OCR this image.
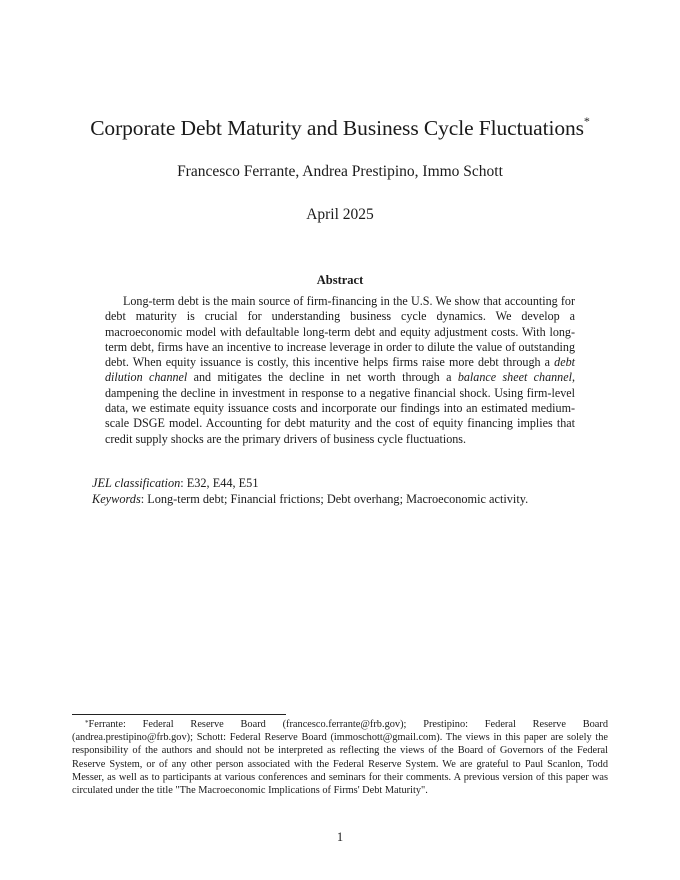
Corporate Debt Maturity and Business Cycle Fluctuations*
Francesco Ferrante, Andrea Prestipino, Immo Schott
April 2025
Abstract

Long-term debt is the main source of firm-financing in the U.S. We show that accounting for debt maturity is crucial for understanding business cycle dynamics. We develop a macroeconomic model with defaultable long-term debt and equity adjustment costs. With long-term debt, firms have an incentive to increase leverage in order to dilute the value of outstanding debt. When equity issuance is costly, this incentive helps firms raise more debt through a debt dilution channel and mitigates the decline in net worth through a balance sheet channel, dampening the decline in investment in response to a negative financial shock. Using firm-level data, we estimate equity issuance costs and incorporate our findings into an estimated medium-scale DSGE model. Accounting for debt maturity and the cost of equity financing implies that credit supply shocks are the primary drivers of business cycle fluctuations.

JEL classification: E32, E44, E51
Keywords: Long-term debt; Financial frictions; Debt overhang; Macroeconomic activity.

*Ferrante: Federal Reserve Board (francesco.ferrante@frb.gov); Prestipino: Federal Reserve Board (andrea.prestipino@frb.gov); Schott: Federal Reserve Board (immoschott@gmail.com). The views in this paper are solely the responsibility of the authors and should not be interpreted as reflecting the views of the Board of Governors of the Federal Reserve System, or of any other person associated with the Federal Reserve System. We are grateful to Paul Scanlon, Todd Messer, as well as to participants at various conferences and seminars for their comments. A previous version of this paper was circulated under the title "The Macroeconomic Implications of Firms' Debt Maturity".

1
